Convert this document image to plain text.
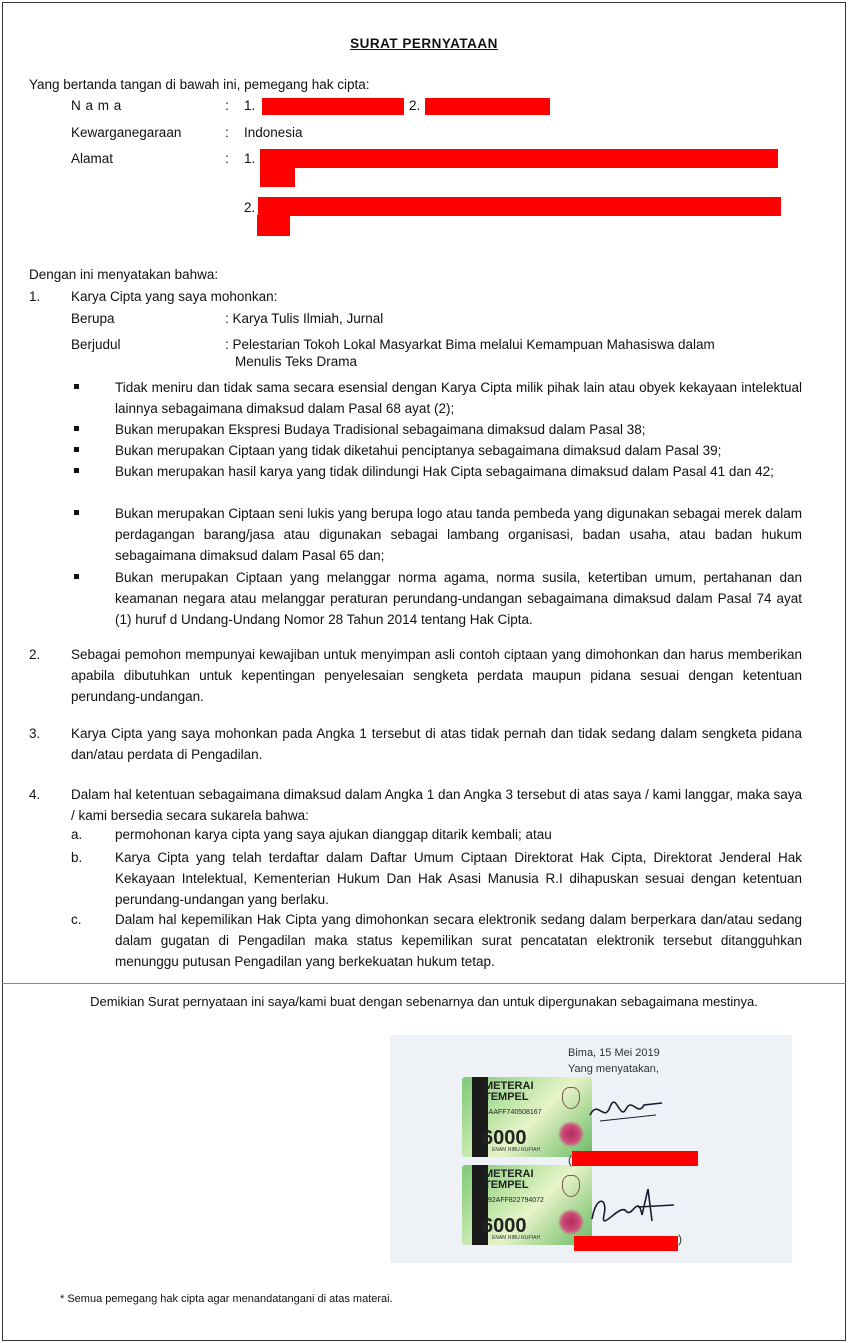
SURAT PERNYATAAN
Yang bertanda tangan di bawah ini, pemegang hak cipta:
N a m a	: 1.	2.
Kewarganegaraan	: Indonesia
Alamat	: 1.
2.
Dengan ini menyatakan bahwa:
1. Karya Cipta yang saya mohonkan:
Berupa	: Karya Tulis Ilmiah, Jurnal
Berjudul	: Pelestarian Tokoh Lokal Masyarkat Bima melalui Kemampuan Mahasiswa dalam
Menulis Teks Drama
Tidak meniru dan tidak sama secara esensial dengan Karya Cipta milik pihak lain atau obyek kekayaan intelektual lainnya sebagaimana dimaksud dalam Pasal 68 ayat (2);
Bukan merupakan Ekspresi Budaya Tradisional sebagaimana dimaksud dalam Pasal 38;
Bukan merupakan Ciptaan yang tidak diketahui penciptanya sebagaimana dimaksud dalam Pasal 39;
Bukan merupakan hasil karya yang tidak dilindungi Hak Cipta sebagaimana dimaksud dalam Pasal 41 dan 42;
Bukan merupakan Ciptaan seni lukis yang berupa logo atau tanda pembeda yang digunakan sebagai merek dalam perdagangan barang/jasa atau digunakan sebagai lambang organisasi, badan usaha, atau badan hukum sebagaimana dimaksud dalam Pasal 65 dan;
Bukan merupakan Ciptaan yang melanggar norma agama, norma susila, ketertiban umum, pertahanan dan keamanan negara atau melanggar peraturan perundang-undangan sebagaimana dimaksud dalam Pasal 74 ayat (1) huruf d Undang-Undang Nomor 28 Tahun 2014 tentang Hak Cipta.
2. Sebagai pemohon mempunyai kewajiban untuk menyimpan asli contoh ciptaan yang dimohonkan dan harus memberikan apabila dibutuhkan untuk kepentingan penyelesaian sengketa perdata maupun pidana sesuai dengan ketentuan perundang-undangan.
3. Karya Cipta yang saya mohonkan pada Angka 1 tersebut di atas tidak pernah dan tidak sedang dalam sengketa pidana dan/atau perdata di Pengadilan.
4. Dalam hal ketentuan sebagaimana dimaksud dalam Angka 1 dan Angka 3 tersebut di atas saya / kami langgar, maka saya / kami bersedia secara sukarela bahwa:
a. permohonan karya cipta yang saya ajukan dianggap ditarik kembali; atau
b. Karya Cipta yang telah terdaftar dalam Daftar Umum Ciptaan Direktorat Hak Cipta, Direktorat Jenderal Hak Kekayaan Intelektual, Kementerian Hukum Dan Hak Asasi Manusia R.I dihapuskan sesuai dengan ketentuan perundang-undangan yang berlaku.
c. Dalam hal kepemilikan Hak Cipta yang dimohonkan secara elektronik sedang dalam berperkara dan/atau sedang dalam gugatan di Pengadilan maka status kepemilikan surat pencatatan elektronik tersebut ditangguhkan menunggu putusan Pengadilan yang berkekuatan hukum tetap.
Demikian Surat pernyataan ini saya/kami buat dengan sebenarnya dan untuk dipergunakan sebagaimana mestinya.
Bima, 15 Mei 2019
Yang menyatakan,
METERAI TEMPEL
BAAFF740508167
6000
ENAM RIBU RUPIAH
METERAI TEMPEL
892AFF822794072
6000
ENAM RIBU RUPIAH
(
)
* Semua pemegang hak cipta agar menandatangani di atas materai.
